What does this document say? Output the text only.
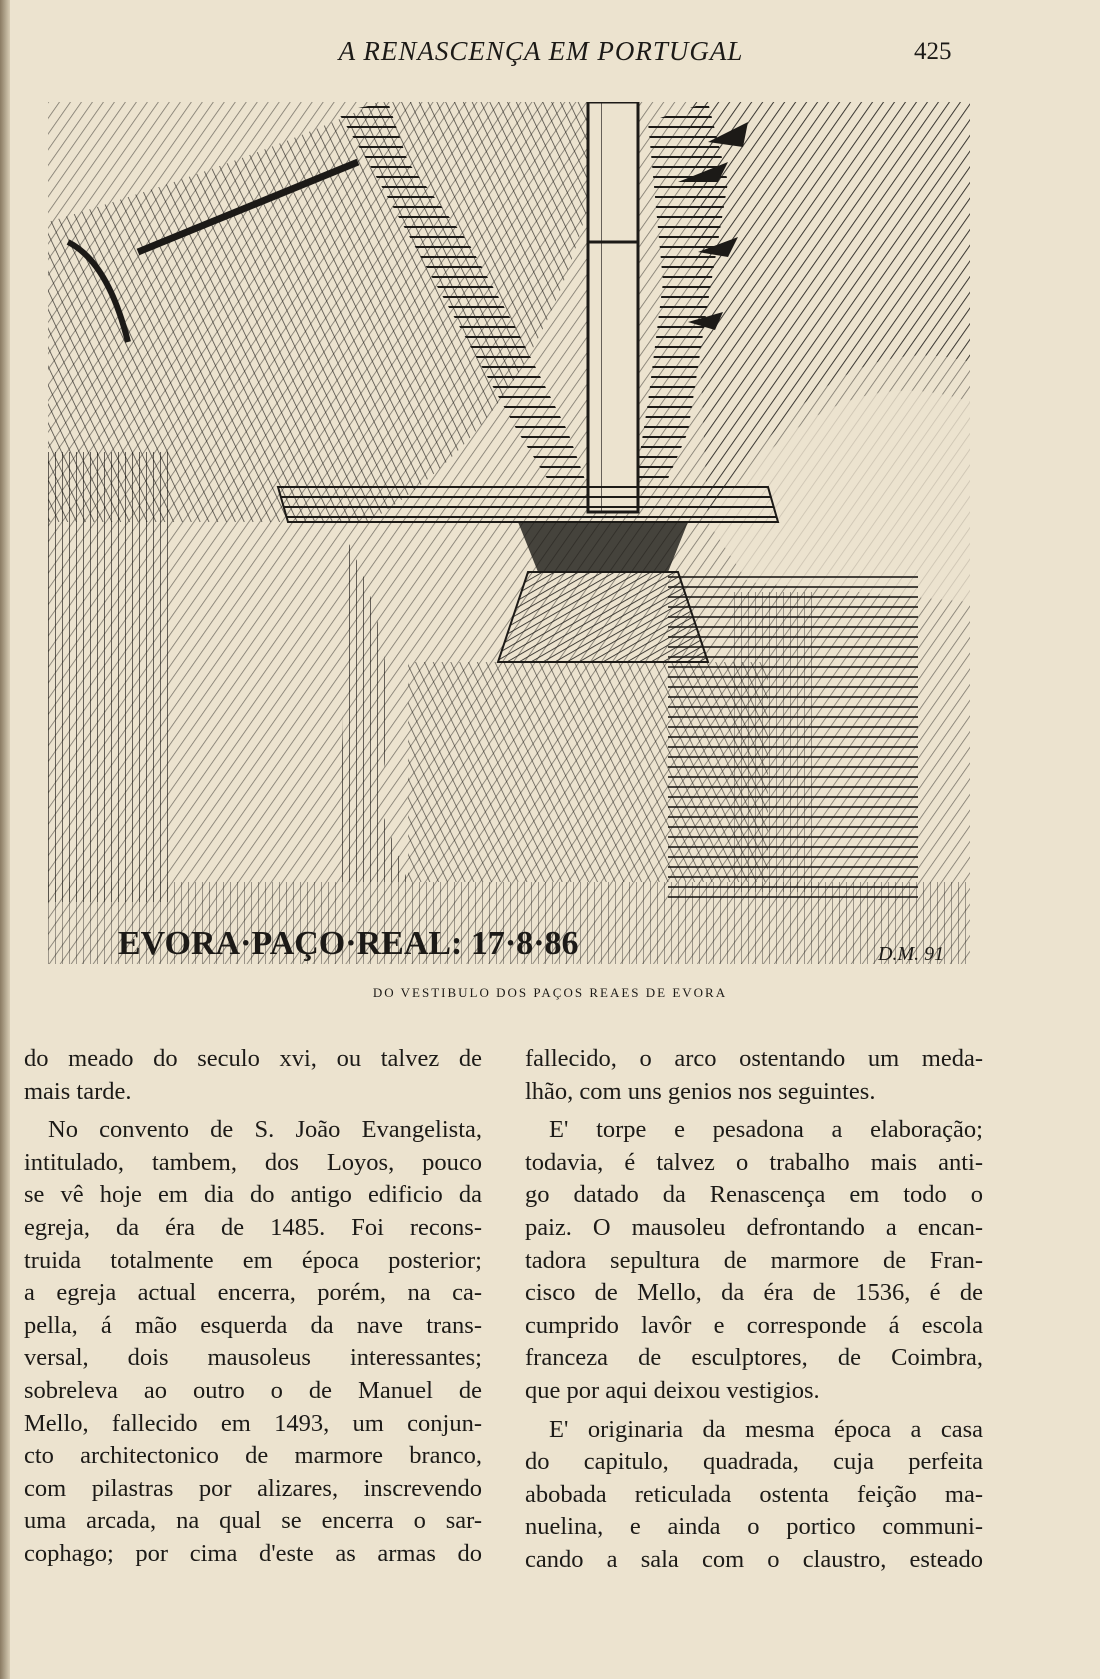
A RENASCENÇA EM PORTUGAL	425
EVORA·PAÇO·REAL: 17·8·86	D.M. 91
DO VESTIBULO DOS PAÇOS REAES DE EVORA
do meado do seculo xvi, ou talvez de
mais tarde.
No convento de S. João Evangelista,
intitulado, tambem, dos Loyos, pouco
se vê hoje em dia do antigo edificio da
egreja, da éra de 1485. Foi recons-
truida totalmente em época posterior;
a egreja actual encerra, porém, na ca-
pella, á mão esquerda da nave trans-
versal, dois mausoleus interessantes;
sobreleva ao outro o de Manuel de
Mello, fallecido em 1493, um conjun-
cto architectonico de marmore branco,
com pilastras por alizares, inscrevendo
uma arcada, na qual se encerra o sar-
cophago; por cima d'este as armas do
fallecido, o arco ostentando um meda-
lhão, com uns genios nos seguintes.
E' torpe e pesadona a elaboração;
todavia, é talvez o trabalho mais anti-
go datado da Renascença em todo o
paiz. O mausoleu defrontando a encan-
tadora sepultura de marmore de Fran-
cisco de Mello, da éra de 1536, é de
cumprido lavôr e corresponde á escola
franceza de esculptores, de Coimbra,
que por aqui deixou vestigios.
E' originaria da mesma época a casa
do capitulo, quadrada, cuja perfeita
abobada reticulada ostenta feição ma-
nuelina, e ainda o portico communi-
cando a sala com o claustro, esteado
